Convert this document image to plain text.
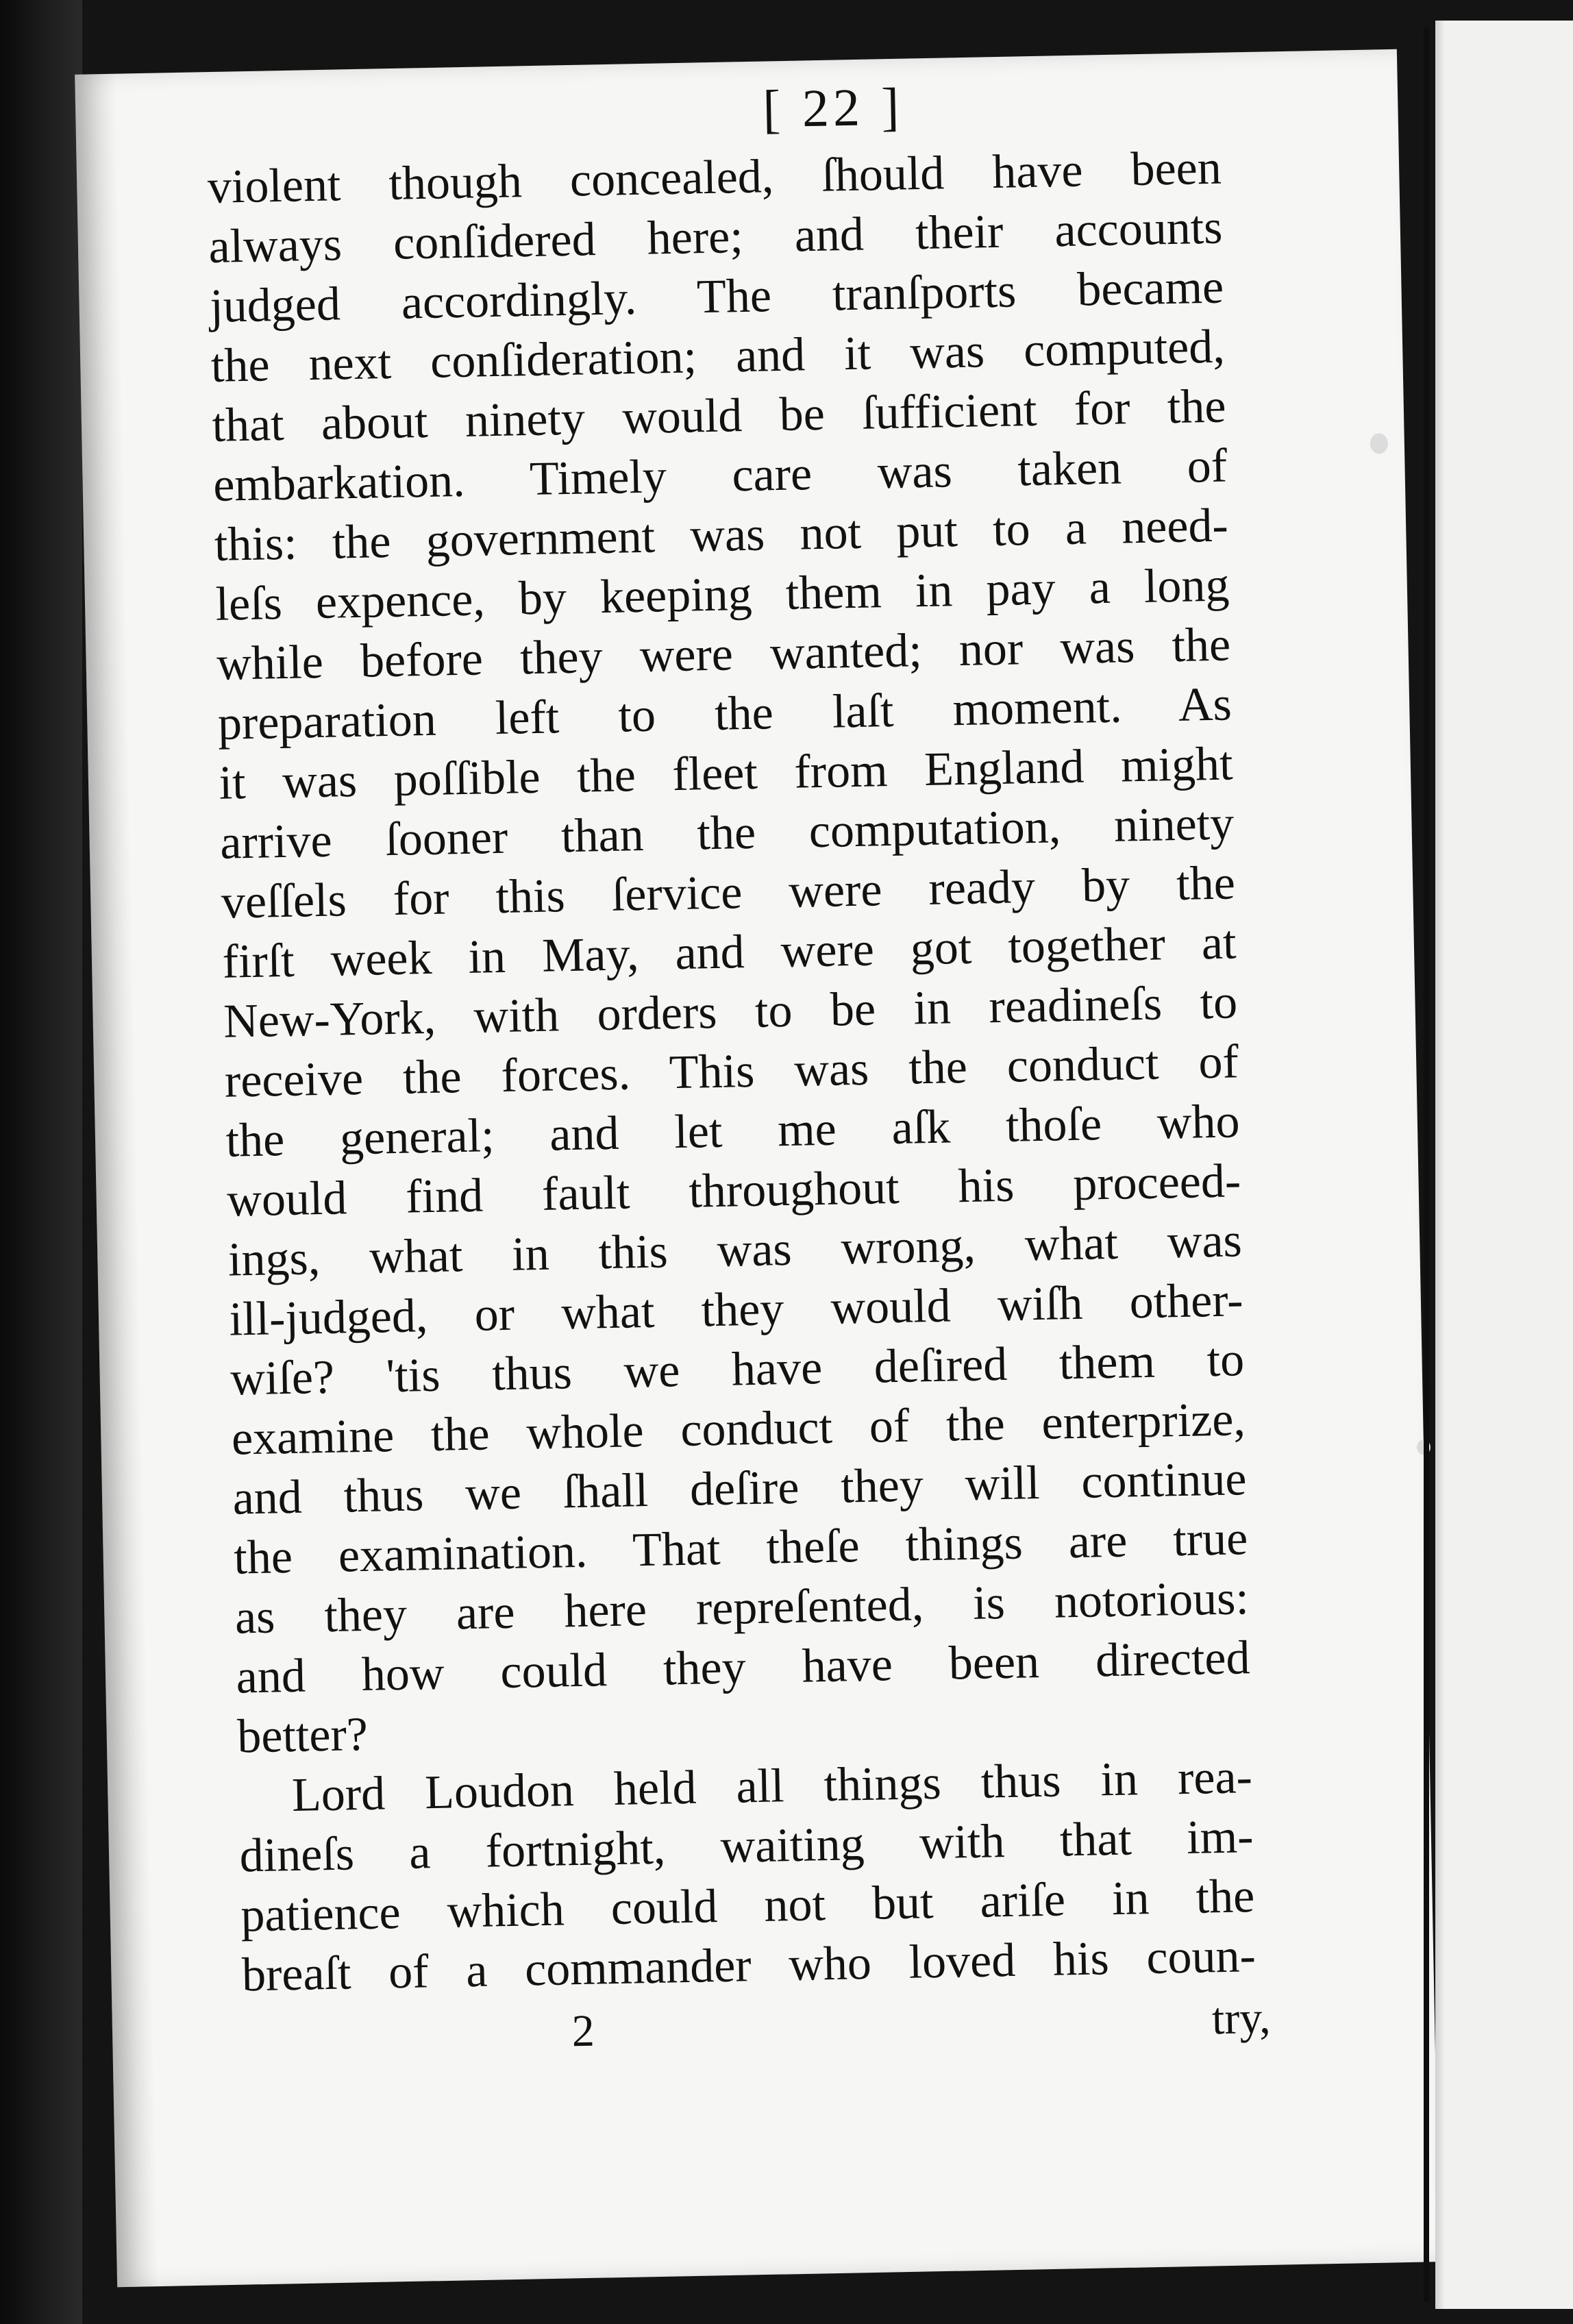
[ 22 ]
violent though concealed, ſhould have been
always conſidered here; and their accounts
judged accordingly. The tranſports became
the next conſideration; and it was computed,
that about ninety would be ſufficient for the
embarkation. Timely care was taken of
this: the government was not put to a need-
leſs expence, by keeping them in pay a long
while before they were wanted; nor was the
preparation left to the laſt moment. As
it was poſſible the fleet from England might
arrive ſooner than the computation, ninety
veſſels for this ſervice were ready by the
firſt week in May, and were got together at
New-York, with orders to be in readineſs to
receive the forces. This was the conduct of
the general; and let me aſk thoſe who
would find fault throughout his proceed-
ings, what in this was wrong, what was
ill-judged, or what they would wiſh other-
wiſe? 'tis thus we have deſired them to
examine the whole conduct of the enterprize,
and thus we ſhall deſire they will continue
the examination. That theſe things are true
as they are here repreſented, is notorious:
and how could they have been directed
better?
Lord Loudon held all things thus in rea-
dineſs a fortnight, waiting with that im-
patience which could not but ariſe in the
breaſt of a commander who loved his coun-
2	try,
